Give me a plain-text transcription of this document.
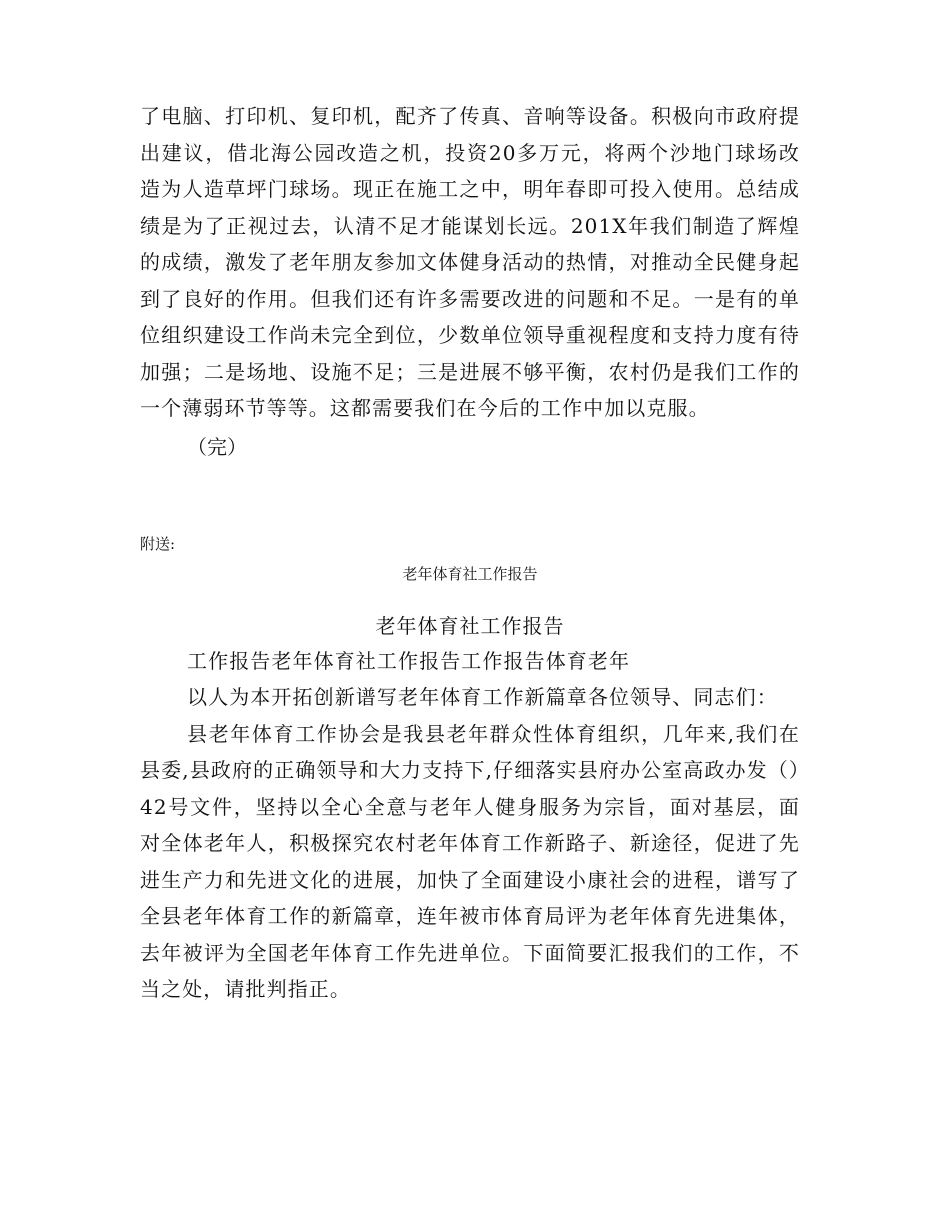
了电脑、打印机、复印机，配齐了传真、音响等设备。积极向市政府提出建议，借北海公园改造之机，投资20多万元，将两个沙地门球场改造为人造草坪门球场。现正在施工之中，明年春即可投入使用。总结成绩是为了正视过去，认清不足才能谋划长远。201X年我们制造了辉煌的成绩，激发了老年朋友参加文体健身活动的热情，对推动全民健身起到了良好的作用。但我们还有许多需要改进的问题和不足。一是有的单位组织建设工作尚未完全到位，少数单位领导重视程度和支持力度有待加强；二是场地、设施不足；三是进展不够平衡，农村仍是我们工作的一个薄弱环节等等。这都需要我们在今后的工作中加以克服。

（完）

附送:

老年体育社工作报告

老年体育社工作报告

工作报告老年体育社工作报告工作报告体育老年

以人为本开拓创新谱写老年体育工作新篇章各位领导、同志们：

县老年体育工作协会是我县老年群众性体育组织，几年来,我们在县委,县政府的正确领导和大力支持下,仔细落实县府办公室高政办发（）42号文件，坚持以全心全意与老年人健身服务为宗旨，面对基层，面对全体老年人，积极探究农村老年体育工作新路子、新途径，促进了先进生产力和先进文化的进展，加快了全面建设小康社会的进程，谱写了全县老年体育工作的新篇章，连年被市体育局评为老年体育先进集体，去年被评为全国老年体育工作先进单位。下面简要汇报我们的工作，不当之处，请批判指正。
